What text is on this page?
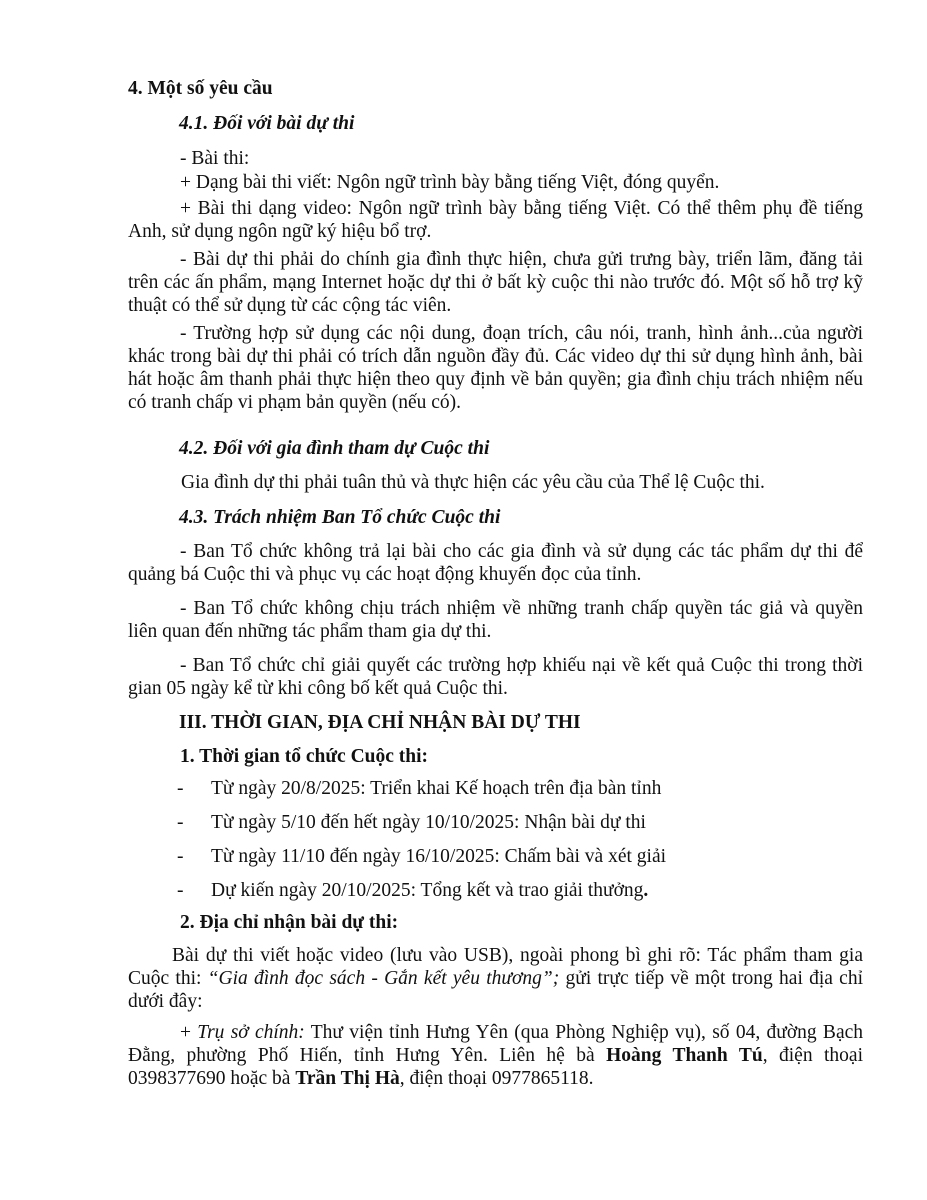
4. Một số yêu cầu

4.1. Đối với bài dự thi

- Bài thi:

+ Dạng bài thi viết: Ngôn ngữ trình bày bằng tiếng Việt, đóng quyển.

+ Bài thi dạng video: Ngôn ngữ trình bày bằng tiếng Việt. Có thể thêm phụ đề tiếng Anh, sử dụng ngôn ngữ ký hiệu bổ trợ.

- Bài dự thi phải do chính gia đình thực hiện, chưa gửi trưng bày, triển lãm, đăng tải trên các ấn phẩm, mạng Internet hoặc dự thi ở bất kỳ cuộc thi nào trước đó. Một số hỗ trợ kỹ thuật có thể sử dụng từ các cộng tác viên.

- Trường hợp sử dụng các nội dung, đoạn trích, câu nói, tranh, hình ảnh...của người khác trong bài dự thi phải có trích dẫn nguồn đầy đủ. Các video dự thi sử dụng hình ảnh, bài hát hoặc âm thanh phải thực hiện theo quy định về bản quyền; gia đình chịu trách nhiệm nếu có tranh chấp vi phạm bản quyền (nếu có).

4.2. Đối với gia đình tham dự Cuộc thi

Gia đình dự thi phải tuân thủ và thực hiện các yêu cầu của Thể lệ Cuộc thi.

4.3. Trách nhiệm Ban Tổ chức Cuộc thi

- Ban Tổ chức không trả lại bài cho các gia đình và sử dụng các tác phẩm dự thi để quảng bá Cuộc thi và phục vụ các hoạt động khuyến đọc của tỉnh.

- Ban Tổ chức không chịu trách nhiệm về những tranh chấp quyền tác giả và quyền liên quan đến những tác phẩm tham gia dự thi.

- Ban Tổ chức chỉ giải quyết các trường hợp khiếu nại về kết quả Cuộc thi trong thời gian 05 ngày kể từ khi công bố kết quả Cuộc thi.

III. THỜI GIAN, ĐỊA CHỈ NHẬN BÀI DỰ THI

1. Thời gian tổ chức Cuộc thi:

- Từ ngày 20/8/2025: Triển khai Kế hoạch trên địa bàn tỉnh
- Từ ngày 5/10 đến hết ngày 10/10/2025: Nhận bài dự thi
- Từ ngày 11/10 đến ngày 16/10/2025: Chấm bài và xét giải
- Dự kiến ngày 20/10/2025: Tổng kết và trao giải thưởng.

2. Địa chỉ nhận bài dự thi:

Bài dự thi viết hoặc video (lưu vào USB), ngoài phong bì ghi rõ: Tác phẩm tham gia Cuộc thi: “Gia đình đọc sách - Gắn kết yêu thương”; gửi trực tiếp về một trong hai địa chỉ dưới đây:

+ Trụ sở chính: Thư viện tỉnh Hưng Yên (qua Phòng Nghiệp vụ), số 04, đường Bạch Đằng, phường Phố Hiến, tỉnh Hưng Yên. Liên hệ bà Hoàng Thanh Tú, điện thoại 0398377690 hoặc bà Trần Thị Hà, điện thoại 0977865118.
